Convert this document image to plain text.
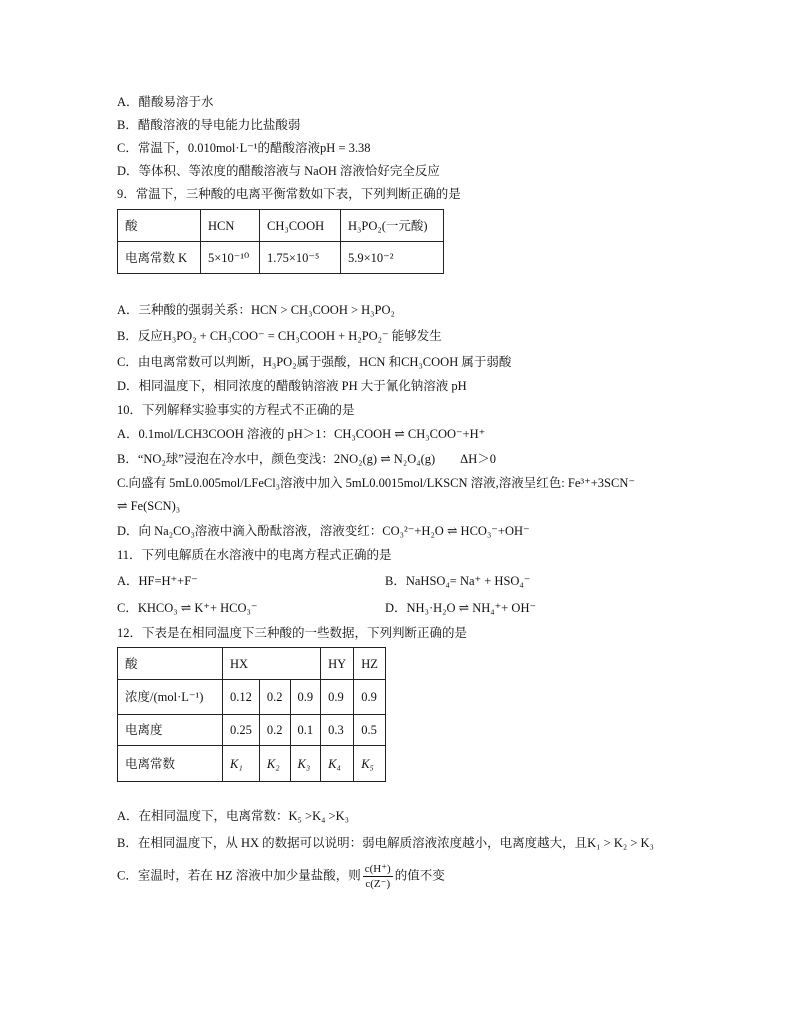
A．醋酸易溶于水
B．醋酸溶液的导电能力比盐酸弱
C．常温下，0.010mol·L⁻¹的醋酸溶液pH = 3.38
D．等体积、等浓度的醋酸溶液与 NaOH 溶液恰好完全反应
9．常温下，三种酸的电离平衡常数如下表，下列判断正确的是
酸	HCN	CH₃COOH	H₃PO₂(一元酸)
电离常数 K	5×10⁻¹⁰	1.75×10⁻⁵	5.9×10⁻²
A．三种酸的强弱关系：HCN > CH₃COOH > H₃PO₂
B．反应H₃PO₂ + CH₃COO⁻ = CH₃COOH + H₂PO₂⁻ 能够发生
C．由电离常数可以判断，H₃PO₂属于强酸，HCN 和CH₃COOH 属于弱酸
D．相同温度下，相同浓度的醋酸钠溶液 PH 大于氰化钠溶液 pH
10．下列解释实验事实的方程式不正确的是
A．0.1mol/LCH3COOH 溶液的 pH＞1：CH₃COOH ⇌ CH₃COO⁻+H⁺
B．“NO₂球”浸泡在冷水中，颜色变浅：2NO₂(g) ⇌ N₂O₄(g)　　ΔH＞0
C.向盛有 5mL0.005mol/LFeCl₃溶液中加入 5mL0.0015mol/LKSCN 溶液,溶液呈红色: Fe³⁺+3SCN⁻
⇌ Fe(SCN)₃
D．向 Na₂CO₃溶液中滴入酚酞溶液，溶液变红：CO₃²⁻+H₂O ⇌ HCO₃⁻+OH⁻
11．下列电解质在水溶液中的电离方程式正确的是
A．HF=H⁺+F⁻	B．NaHSO₄= Na⁺ + HSO₄⁻
C．KHCO₃ ⇌ K⁺+ HCO₃⁻	D．NH₃·H₂O ⇌ NH₄⁺+ OH⁻
12．下表是在相同温度下三种酸的一些数据，下列判断正确的是
酸	HX			HY	HZ
浓度/(mol·L⁻¹)	0.12	0.2	0.9	0.9	0.9
电离度	0.25	0.2	0.1	0.3	0.5
电离常数	K₁	K₂	K₃	K₄	K₅
A．在相同温度下，电离常数：K₅ >K₄ >K₃
B．在相同温度下，从 HX 的数据可以说明：弱电解质溶液浓度越小，电离度越大，且K₁ > K₂ > K₃
C．室温时，若在 HZ 溶液中加少量盐酸，则 $\frac{c(H^+)}{c(Z^-)}$ 的值不变
